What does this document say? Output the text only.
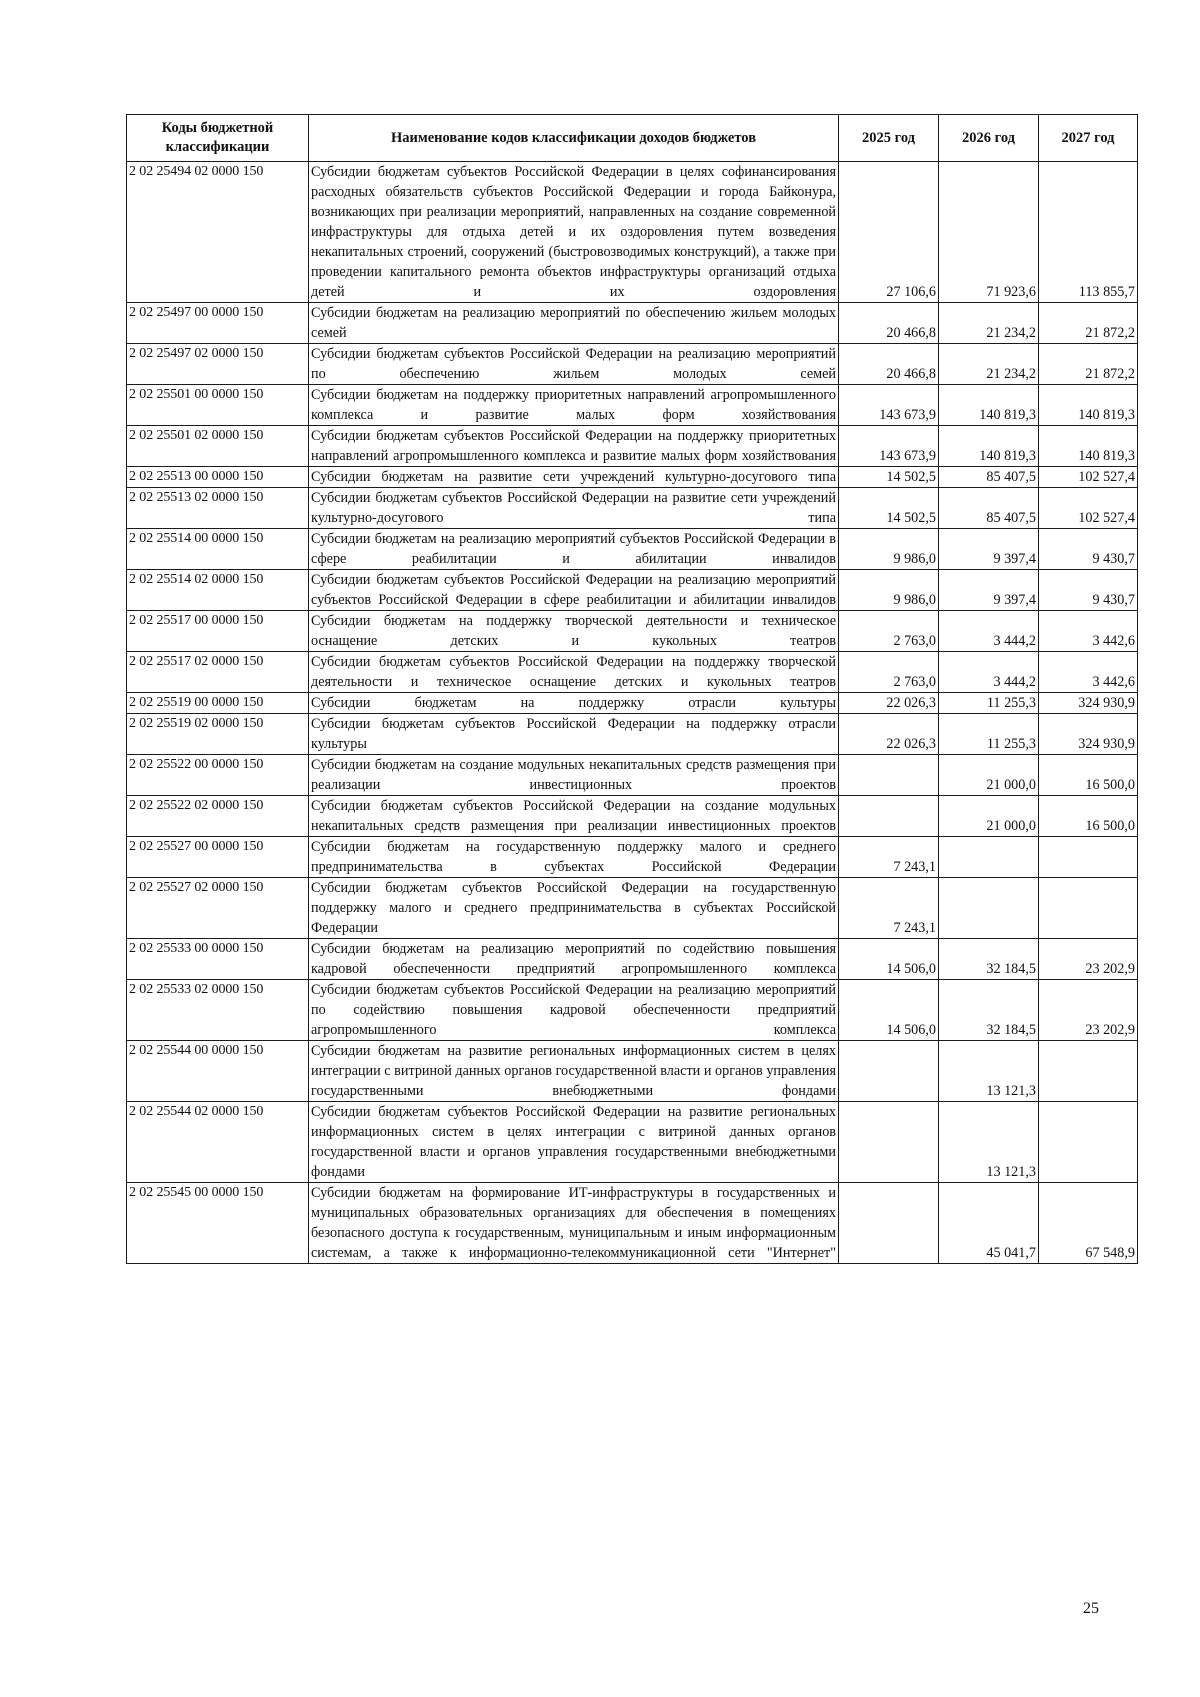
Коды бюджетной классификации	Наименование кодов классификации доходов бюджетов	2025 год	2026 год	2027 год
2 02 25494 02 0000 150	Субсидии бюджетам субъектов Российской Федерации в целях софинансирования расходных обязательств субъектов Российской Федерации и города Байконура, возникающих при реализации мероприятий, направленных на создание современной инфраструктуры для отдыха детей и их оздоровления путем возведения некапитальных строений, сооружений (быстровозводимых конструкций), а также при проведении капитального ремонта объектов инфраструктуры организаций отдыха детей и их оздоровления	27 106,6	71 923,6	113 855,7
2 02 25497 00 0000 150	Субсидии бюджетам на реализацию мероприятий по обеспечению жильем молодых семей	20 466,8	21 234,2	21 872,2
2 02 25497 02 0000 150	Субсидии бюджетам субъектов Российской Федерации на реализацию мероприятий по обеспечению жильем молодых семей	20 466,8	21 234,2	21 872,2
2 02 25501 00 0000 150	Субсидии бюджетам на поддержку приоритетных направлений агропромышленного комплекса и развитие малых форм хозяйствования	143 673,9	140 819,3	140 819,3
2 02 25501 02 0000 150	Субсидии бюджетам субъектов Российской Федерации на поддержку приоритетных направлений агропромышленного комплекса и развитие малых форм хозяйствования	143 673,9	140 819,3	140 819,3
2 02 25513 00 0000 150	Субсидии бюджетам на развитие сети учреждений культурно-досугового типа	14 502,5	85 407,5	102 527,4
2 02 25513 02 0000 150	Субсидии бюджетам субъектов Российской Федерации на развитие сети учреждений культурно-досугового типа	14 502,5	85 407,5	102 527,4
2 02 25514 00 0000 150	Субсидии бюджетам на реализацию мероприятий субъектов Российской Федерации в сфере реабилитации и абилитации инвалидов	9 986,0	9 397,4	9 430,7
2 02 25514 02 0000 150	Субсидии бюджетам субъектов Российской Федерации на реализацию мероприятий субъектов Российской Федерации в сфере реабилитации и абилитации инвалидов	9 986,0	9 397,4	9 430,7
2 02 25517 00 0000 150	Субсидии бюджетам на поддержку творческой деятельности и техническое оснащение детских и кукольных театров	2 763,0	3 444,2	3 442,6
2 02 25517 02 0000 150	Субсидии бюджетам субъектов Российской Федерации на поддержку творческой деятельности и техническое оснащение детских и кукольных театров	2 763,0	3 444,2	3 442,6
2 02 25519 00 0000 150	Субсидии бюджетам на поддержку отрасли культуры	22 026,3	11 255,3	324 930,9
2 02 25519 02 0000 150	Субсидии бюджетам субъектов Российской Федерации на поддержку отрасли культуры	22 026,3	11 255,3	324 930,9
2 02 25522 00 0000 150	Субсидии бюджетам на создание модульных некапитальных средств размещения при реализации инвестиционных проектов		21 000,0	16 500,0
2 02 25522 02 0000 150	Субсидии бюджетам субъектов Российской Федерации на создание модульных некапитальных средств размещения при реализации инвестиционных проектов		21 000,0	16 500,0
2 02 25527 00 0000 150	Субсидии бюджетам на государственную поддержку малого и среднего предпринимательства в субъектах Российской Федерации	7 243,1		
2 02 25527 02 0000 150	Субсидии бюджетам субъектов Российской Федерации на государственную поддержку малого и среднего предпринимательства в субъектах Российской Федерации	7 243,1		
2 02 25533 00 0000 150	Субсидии бюджетам на реализацию мероприятий по содействию повышения кадровой обеспеченности предприятий агропромышленного комплекса	14 506,0	32 184,5	23 202,9
2 02 25533 02 0000 150	Субсидии бюджетам субъектов Российской Федерации на реализацию мероприятий по содействию повышения кадровой обеспеченности предприятий агропромышленного комплекса	14 506,0	32 184,5	23 202,9
2 02 25544 00 0000 150	Субсидии бюджетам на развитие региональных информационных систем в целях интеграции с витриной данных органов государственной власти и органов управления государственными внебюджетными фондами		13 121,3	
2 02 25544 02 0000 150	Субсидии бюджетам субъектов Российской Федерации на развитие региональных информационных систем в целях интеграции с витриной данных органов государственной власти и органов управления государственными внебюджетными фондами		13 121,3	
2 02 25545 00 0000 150	Субсидии бюджетам на формирование ИТ-инфраструктуры в государственных и муниципальных образовательных организациях для обеспечения в помещениях безопасного доступа к государственным, муниципальным и иным информационным системам, а также к информационно-телекоммуникационной сети "Интернет"		45 041,7	67 548,9
25
